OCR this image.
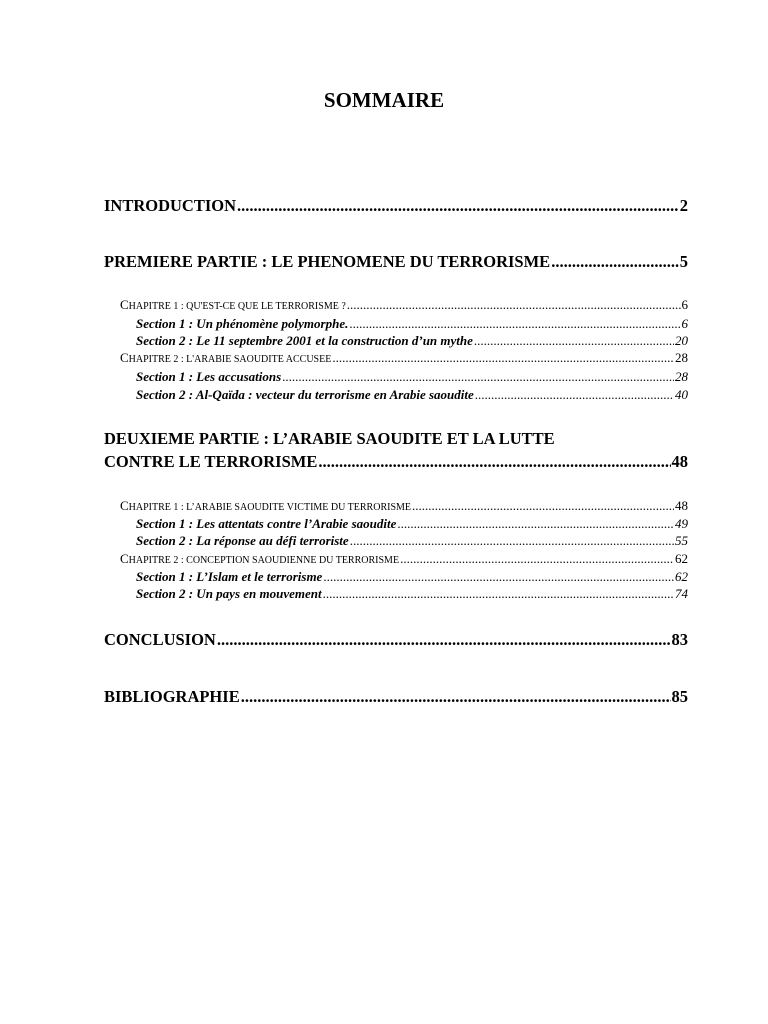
SOMMAIRE
INTRODUCTION .....	2
PREMIERE PARTIE : LE PHENOMENE DU TERRORISME .....	5
CHAPITRE 1 : QU'EST-CE QUE LE TERRORISME ? .....	6
Section 1 : Un phénomène polymorphe. .....	6
Section 2 : Le 11 septembre 2001 et la construction d’un mythe .....	20
CHAPITRE 2 : L'ARABIE SAOUDITE ACCUSEE .....	28
Section 1 : Les accusations .....	28
Section 2 : Al-Qaïda : vecteur du terrorisme en Arabie saoudite .....	40
DEUXIEME PARTIE : L’ARABIE SAOUDITE ET LA LUTTE
CONTRE LE TERRORISME .....	48
CHAPITRE 1 : L’ARABIE SAOUDITE VICTIME DU TERRORISME .....	48
Section 1 : Les attentats contre l’Arabie saoudite .....	49
Section 2 : La réponse au défi terroriste .....	55
CHAPITRE 2 : CONCEPTION SAOUDIENNE DU TERRORISME .....	62
Section 1 : L’Islam et le terrorisme .....	62
Section 2 : Un pays en mouvement .....	74
CONCLUSION .....	83
BIBLIOGRAPHIE .....	85
